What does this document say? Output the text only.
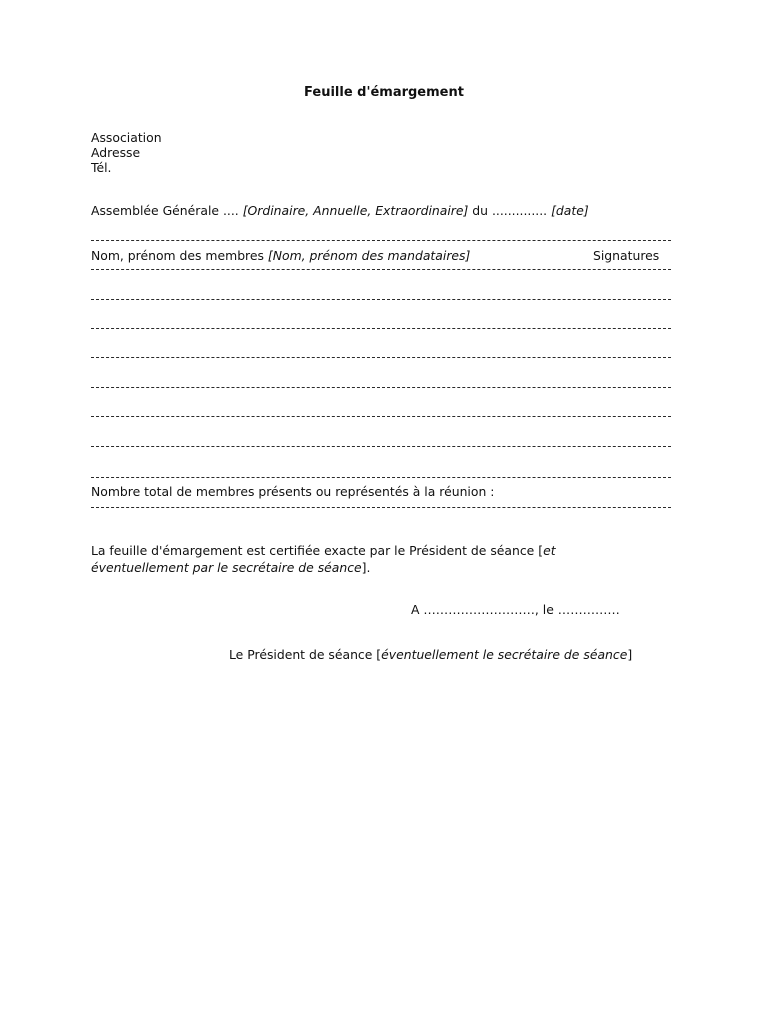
Feuille d'émargement
Association
Adresse
Tél.
Assemblée Générale .... [Ordinaire, Annuelle, Extraordinaire] du .............. [date]
Nom, prénom des membres [Nom, prénom des mandataires]	Signatures
Nombre total de membres présents ou représentés à la réunion :
La feuille d'émargement est certifiée exacte par le Président de séance [et éventuellement par le secrétaire de séance].
A ………………………, le ……………
Le Président de séance [éventuellement le secrétaire de séance]
